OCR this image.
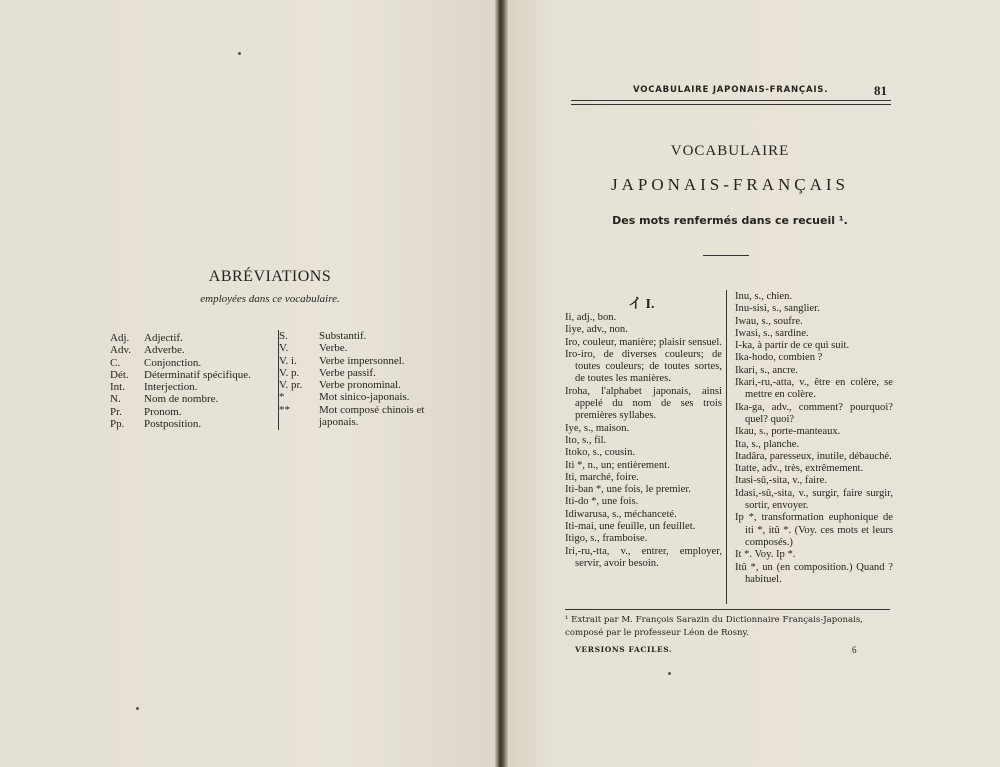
ABRÉVIATIONS
employées dans ce vocabulaire.
Adj.	Adjectif.
Adv.	Adverbe.
C.	Conjonction.
Dét.	Déterminatif spécifique.
Int.	Interjection.
N.	Nom de nombre.
Pr.	Pronom.
Pp.	Postposition.
S.	Substantif.
V.	Verbe.
V. i.	Verbe impersonnel.
V. p.	Verbe passif.
V. pr.	Verbe pronominal.
*	Mot sinico-japonais.
**	Mot composé chinois et japonais.
VOCABULAIRE JAPONAIS-FRANÇAIS.	81
VOCABULAIRE
JAPONAIS-FRANÇAIS
Des mots renfermés dans ce recueil ¹.
イ I.

Ii, adj., bon.

Iiye, adv., non.

Iro, couleur, manière; plaisir sensuel.

Iro-iro, de diverses couleurs; de toutes couleurs; de toutes sortes, de toutes les manières.

Iroha, l'alphabet japonais, ainsi appelé du nom de ses trois premières syllabes.

Iye, s., maison.

Ito, s., fil.

Itoko, s., cousin.

Iti *, n., un; entièrement.

Iti, marché, foire.

Iti-ban *, une fois, le premier.

Iti-do *, une fois.

Idiwarusa, s., méchanceté.

Iti-mai, une feuille, un feuillet.

Itigo, s., framboise.

Iri,-ru,-tta, v., entrer, employer, servir, avoir besoin.

Inu, s., chien.

Inu-sisi, s., sanglier.

Iwau, s., soufre.

Iwasi, s., sardine.

I-ka, à partir de ce qui suit.

Ika-hodo, combien ?

Ikari, s., ancre.

Ikari,-ru,-atta, v., être en colère, se mettre en colère.

Ika-ga, adv., comment? pourquoi? quel? quoi?

Ikau, s., porte-manteaux.

Ita, s., planche.

Itadâra, paresseux, inutile, débauché.

Itatte, adv., très, extrêmement.

Itasi-sû,-sita, v., faire.

Idasi,-sû,-sita, v., surgir, faire surgir, sortir, envoyer.

Ip *, transformation euphonique de iti *, itû *. (Voy. ces mots et leurs composés.)

It *. Voy. Ip *.

Itû *, un (en composition.) Quand ? habituel.

¹ Extrait par M. François Sarazin du Dictionnaire Français-Japonais, composé par le professeur Léon de Rosny.
VERSIONS FACILES.	6
